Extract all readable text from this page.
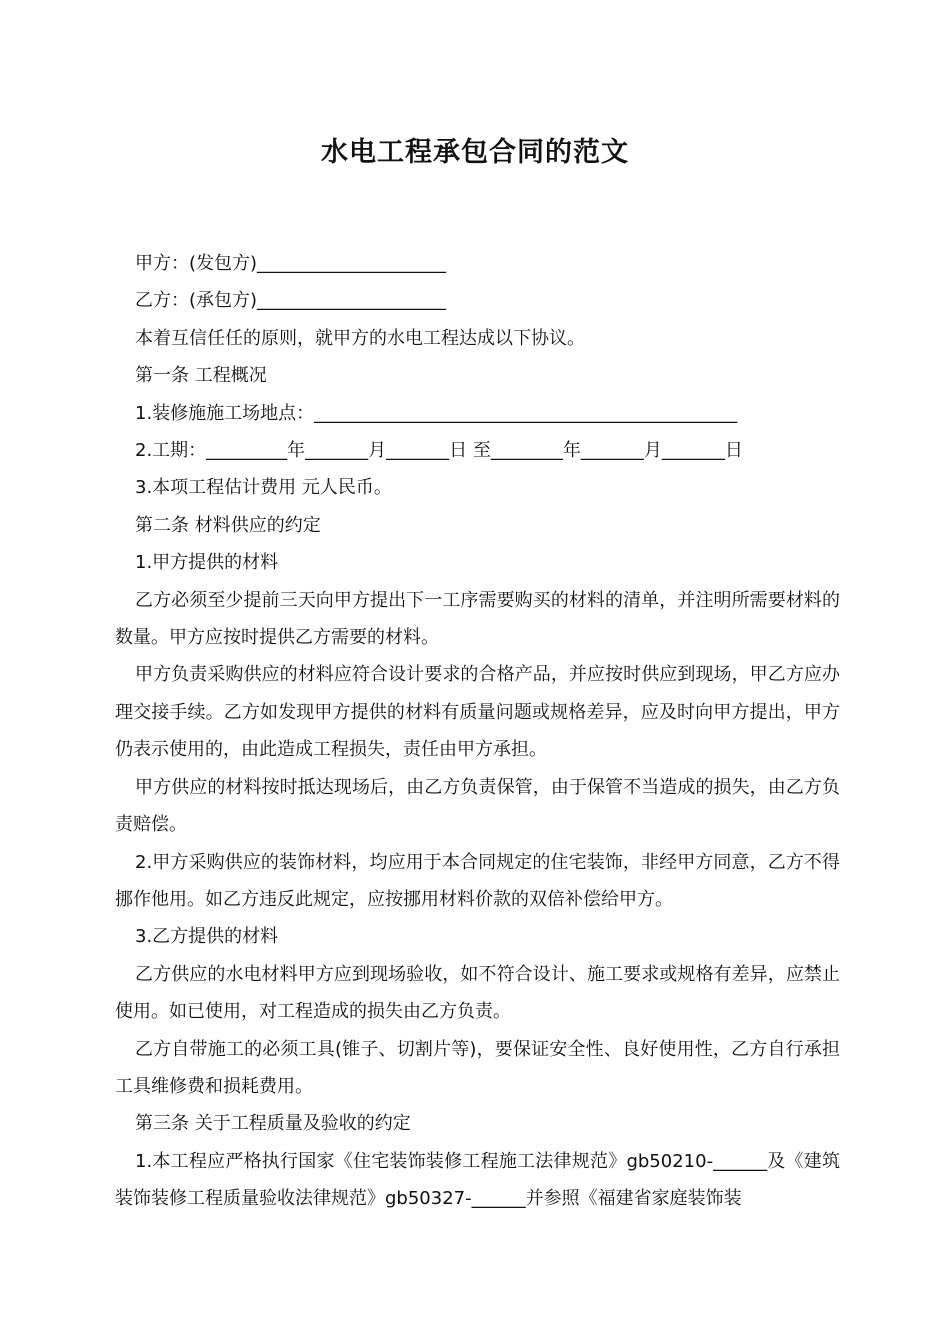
水电工程承包合同的范文

甲方：(发包方)_____________________

乙方：(承包方)_____________________

本着互信任任的原则，就甲方的水电工程达成以下协议。

第一条 工程概况

1.装修施施工场地点：_______________________________________________

2.工期：_________年_______月_______日 至________年_______月_______日

3.本项工程估计费用 元人民币。

第二条 材料供应的约定

1.甲方提供的材料

乙方必须至少提前三天向甲方提出下一工序需要购买的材料的清单，并注明所需要材料的数量。甲方应按时提供乙方需要的材料。

甲方负责采购供应的材料应符合设计要求的合格产品，并应按时供应到现场，甲乙方应办理交接手续。乙方如发现甲方提供的材料有质量问题或规格差异，应及时向甲方提出，甲方仍表示使用的，由此造成工程损失，责任由甲方承担。

甲方供应的材料按时抵达现场后，由乙方负责保管，由于保管不当造成的损失，由乙方负责赔偿。

2.甲方采购供应的装饰材料，均应用于本合同规定的住宅装饰，非经甲方同意，乙方不得挪作他用。如乙方违反此规定，应按挪用材料价款的双倍补偿给甲方。

3.乙方提供的材料

乙方供应的水电材料甲方应到现场验收，如不符合设计、施工要求或规格有差异，应禁止使用。如已使用，对工程造成的损失由乙方负责。

乙方自带施工的必须工具(锥子、切割片等)，要保证安全性、良好使用性，乙方自行承担工具维修费和损耗费用。

第三条 关于工程质量及验收的约定

1.本工程应严格执行国家《住宅装饰装修工程施工法律规范》gb50210-______及《建筑装饰装修工程质量验收法律规范》gb50327-______并参照《福建省家庭装饰装
